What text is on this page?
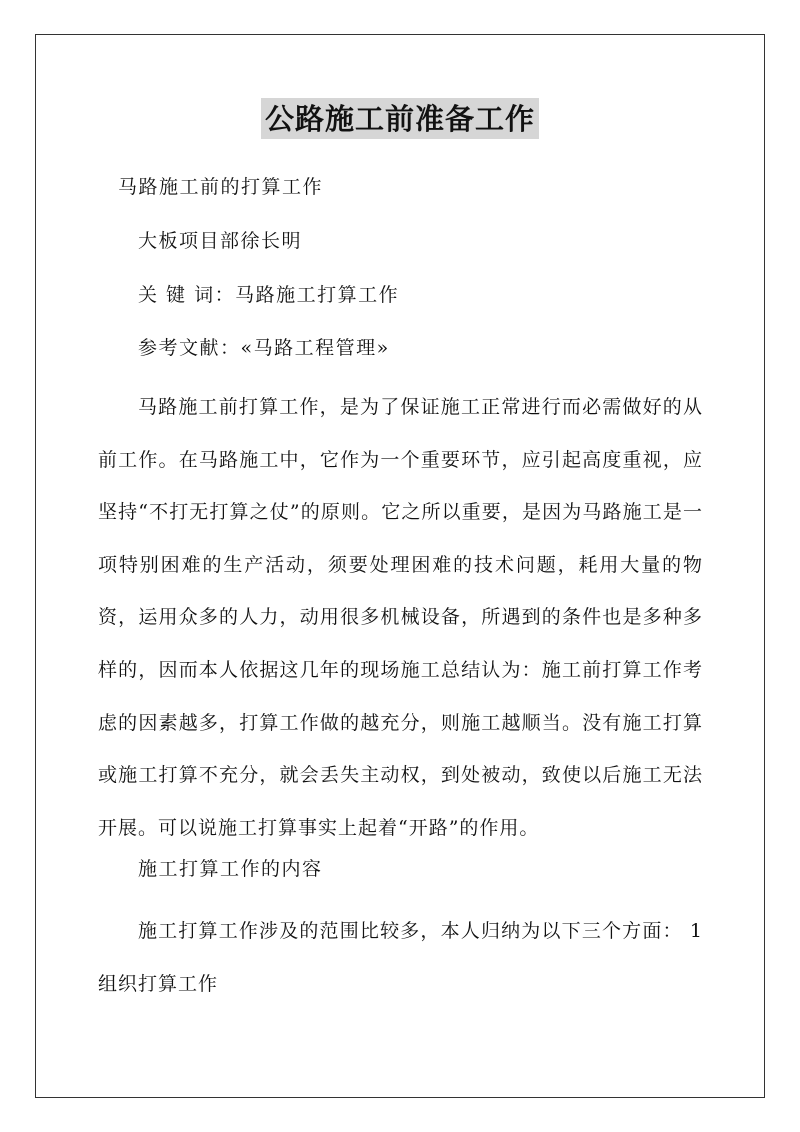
公路施工前准备工作
马路施工前的打算工作
大板项目部徐长明
关 键 词：马路施工打算工作
参考文献：«马路工程管理»
马路施工前打算工作，是为了保证施工正常进行而必需做好的从前工作。在马路施工中，它作为一个重要环节，应引起高度重视，应坚持“不打无打算之仗”的原则。它之所以重要，是因为马路施工是一项特别困难的生产活动，须要处理困难的技术问题，耗用大量的物资，运用众多的人力，动用很多机械设备，所遇到的条件也是多种多样的，因而本人依据这几年的现场施工总结认为：施工前打算工作考虑的因素越多，打算工作做的越充分，则施工越顺当。没有施工打算或施工打算不充分，就会丢失主动权，到处被动，致使以后施工无法开展。可以说施工打算事实上起着“开路”的作用。
施工打算工作的内容
施工打算工作涉及的范围比较多，本人归纳为以下三个方面： 1组织打算工作
